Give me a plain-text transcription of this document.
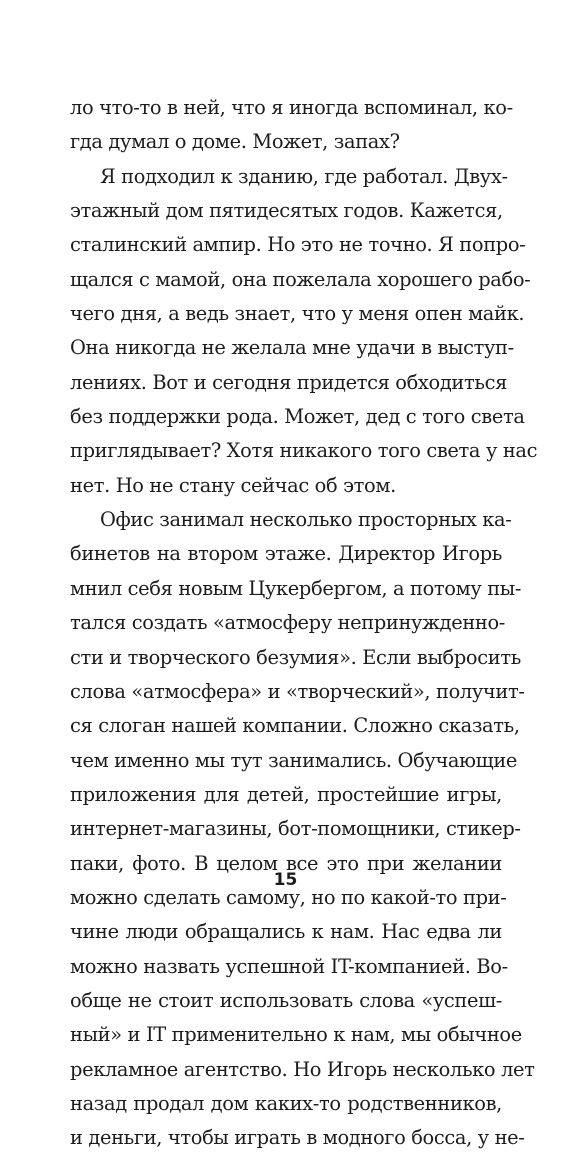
ло что-то в ней, что я иногда вспоминал, ко-
гда думал о доме. Может, запах?
Я подходил к зданию, где работал. Двух-
этажный дом пятидесятых годов. Кажется,
сталинский ампир. Но это не точно. Я попро-
щался с мамой, она пожелала хорошего рабо-
чего дня, а ведь знает, что у меня опен майк.
Она никогда не желала мне удачи в выступ-
лениях. Вот и сегодня придется обходиться
без поддержки рода. Может, дед с того света
приглядывает? Хотя никакого того света у нас
нет. Но не стану сейчас об этом.
Офис занимал несколько просторных ка-
бинетов на втором этаже. Директор Игорь
мнил себя новым Цукербергом, а потому пы-
тался создать «атмосферу непринужденно-
сти и творческого безумия». Если выбросить
слова «атмосфера» и «творческий», получит-
ся слоган нашей компании. Сложно сказать,
чем именно мы тут занимались. Обучающие
приложения для детей, простейшие игры,
интернет-магазины, бот-помощники, стикер-
паки, фото. В целом все это при желании
можно сделать самому, но по какой-то при-
чине люди обращались к нам. Нас едва ли
можно назвать успешной IT-компанией. Во-
обще не стоит использовать слова «успеш-
ный» и IT применительно к нам, мы обычное
рекламное агентство. Но Игорь несколько лет
назад продал дом каких-то родственников,
и деньги, чтобы играть в модного босса, у не-
15
